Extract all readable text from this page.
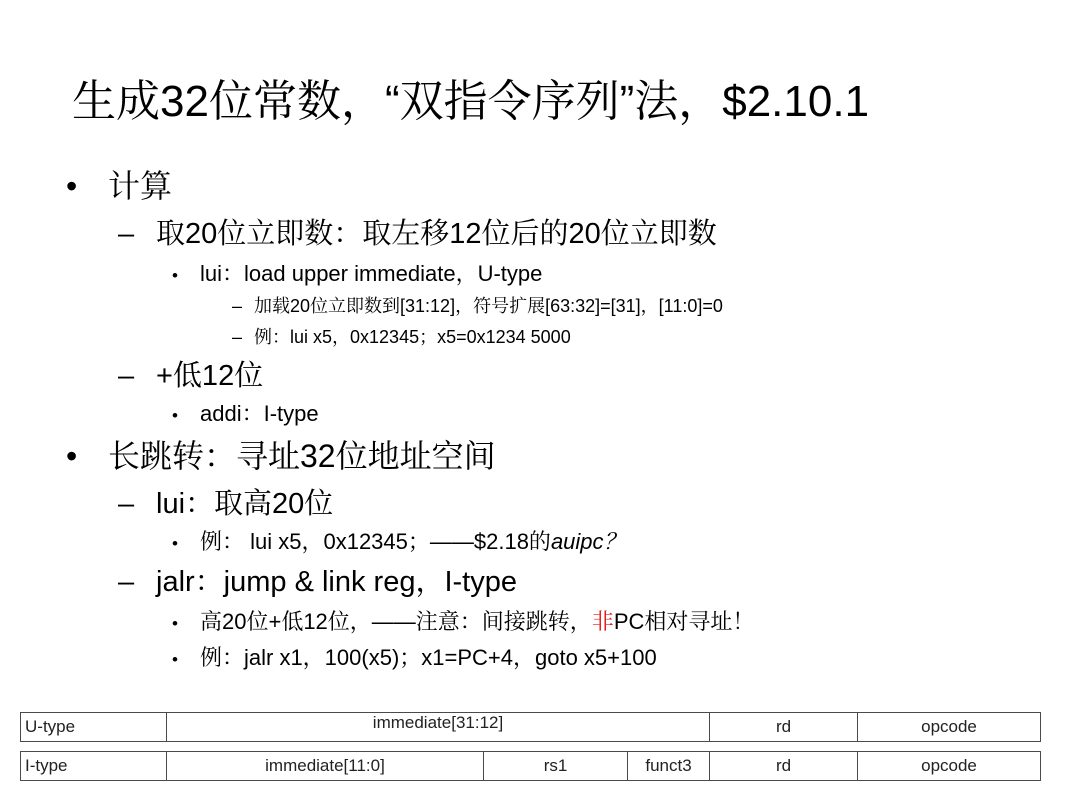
生成32位常数，“双指令序列”法，$2.10.1
• 计算
– 取20位立即数：取左移12位后的20位立即数
• lui：load upper immediate，U-type
– 加载20位立即数到[31:12]，符号扩展[63:32]=[31]，[11:0]=0
– 例：lui x5，0x12345；x5=0x1234 5000
– +低12位
• addi：I-type
• 长跳转：寻址32位地址空间
– lui：取高20位
• 例： lui x5，0x12345；——$2.18的auipc？
– jalr：jump & link reg，I-type
• 高20位+低12位，——注意：间接跳转，非PC相对寻址！
• 例：jalr x1，100(x5)；x1=PC+4，goto x5+100
U-type	immediate[31:12]			rd	opcode

I-type	immediate[11:0]	rs1	funct3	rd	opcode
